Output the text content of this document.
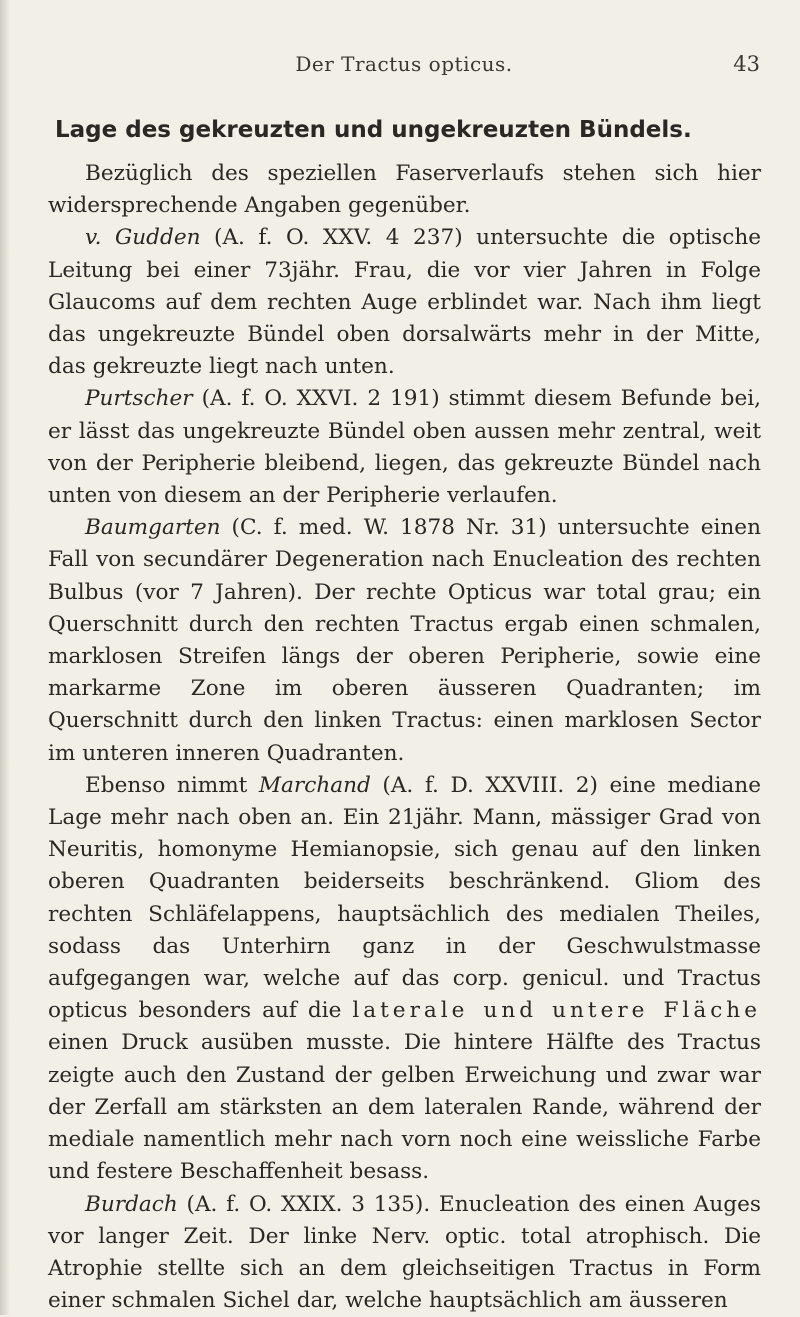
Der Tractus opticus.	43
Lage des gekreuzten und ungekreuzten Bündels.

Bezüglich des speziellen Faserverlaufs stehen sich hier widersprechende Angaben gegenüber.

v. Gudden (A. f. O. XXV. 4 237) untersuchte die optische Leitung bei einer 73jähr. Frau, die vor vier Jahren in Folge Glaucoms auf dem rechten Auge erblindet war. Nach ihm liegt das ungekreuzte Bündel oben dorsalwärts mehr in der Mitte, das gekreuzte liegt nach unten.

Purtscher (A. f. O. XXVI. 2 191) stimmt diesem Befunde bei, er lässt das ungekreuzte Bündel oben aussen mehr zentral, weit von der Peripherie bleibend, liegen, das gekreuzte Bündel nach unten von diesem an der Peripherie verlaufen.

Baumgarten (C. f. med. W. 1878 Nr. 31) untersuchte einen Fall von secundärer Degeneration nach Enucleation des rechten Bulbus (vor 7 Jahren). Der rechte Opticus war total grau; ein Querschnitt durch den rechten Tractus ergab einen schmalen, marklosen Streifen längs der oberen Peripherie, sowie eine markarme Zone im oberen äusseren Quadranten; im Querschnitt durch den linken Tractus: einen marklosen Sector im unteren inneren Quadranten.

Ebenso nimmt Marchand (A. f. D. XXVIII. 2) eine mediane Lage mehr nach oben an. Ein 21jähr. Mann, mässiger Grad von Neuritis, homonyme Hemianopsie, sich genau auf den linken oberen Quadranten beiderseits beschränkend. Gliom des rechten Schläfelappens, hauptsächlich des medialen Theiles, sodass das Unterhirn ganz in der Geschwulstmasse aufgegangen war, welche auf das corp. genicul. und Tractus opticus besonders auf die laterale und untere Fläche einen Druck ausüben musste. Die hintere Hälfte des Tractus zeigte auch den Zustand der gelben Erweichung und zwar war der Zerfall am stärksten an dem lateralen Rande, während der mediale namentlich mehr nach vorn noch eine weissliche Farbe und festere Beschaffenheit besass.

Burdach (A. f. O. XXIX. 3 135). Enucleation des einen Auges vor langer Zeit. Der linke Nerv. optic. total atrophisch. Die Atrophie stellte sich an dem gleichseitigen Tractus in Form einer schmalen Sichel dar, welche hauptsächlich am äusseren
